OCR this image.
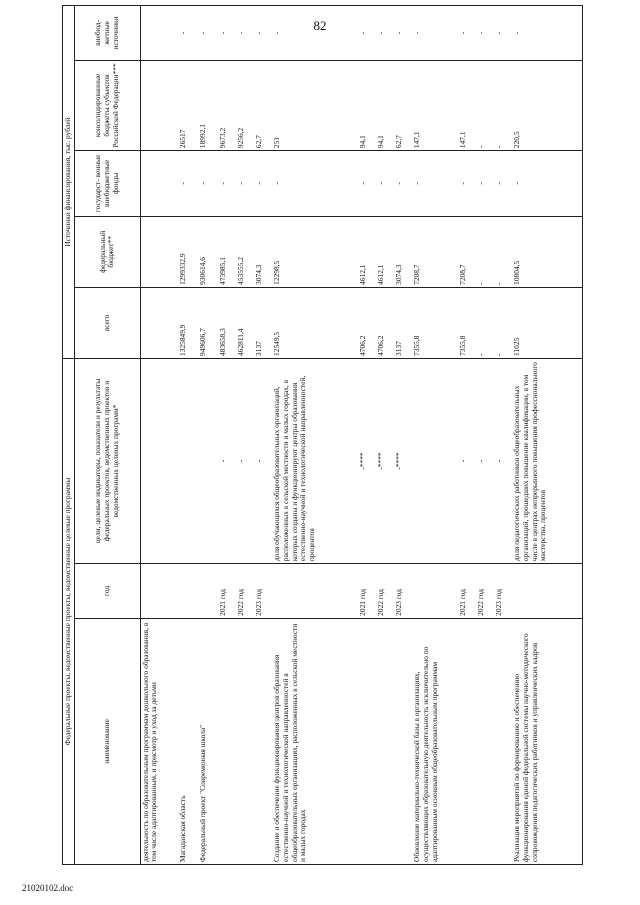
82
Федеральные проекты, ведомственные проекты, ведомственные целевые программы			Источники финансирования, тыс. рублей				
наименование	год	цели, целевые индикаторы, показатели и результаты федеральных проектов, ведомственных проектов и ведомственных целевых программ*	всего	федеральный бюджет**	государст- венные внебюджетные фонды	консолидированные бюджеты субъектов Российской Федерации***	внебюд- жетные источники
деятельность по образовательным программам дошкольного образования, в том числе адаптированным, и присмотр и уход за детьми							
Магаданская область			1325849,9	1299332,9	-	26517	-
Федеральный проект "Современная школа"			949606,7	930614,6	-	18992,1	-
	2021 год	-	483658,3	473985,1	-	9673,2	-
	2022 год	-	462811,4	453555,2	-	9256,2	-
	2023 год	-	3137	3074,3	-	62,7	-
Создание и обеспечение функционирования центров образования естественно-научной и технологической направленностей в общеобразовательных организациях, расположенных в сельской местности и малых городах		доля обучающихся общеобразовательных организаций, расположенных в сельской местности и малых городах, в которых созданы и функционируют центры образования естественно-научной и технологической направленностей, процентов	12549,5	12298,5	-	251	-
	2021 год	-****	4706,2	4612,1	-	94,1	-
	2022 год	-****	4706,2	4612,1	-	94,1	-
	2023 год	-****	3137	3074,3	-	62,7	-
Обновление материально-технической базы в организациях, осуществляющих образовательную деятельность исключительно по адаптированным основным общеобразовательным программам			7355,8	7208,7	-	147,1	-
	2021 год	-	7355,8	7208,7	-	147,1	-
	2022 год	-	-	-	-	-	-
	2023 год	-	-	-	-	-	-
Реализация мероприятий по формированию и обеспечению функционирования единой федеральной системы научно-методического сопровождения педагогических работников и управленческих кадров		доля педагогических работников общеобразовательных организаций, прошедших повышение квалификации, в том числе в центрах непрерывного повышения профессионального мастерства, процентов	11025	10804,5	-	220,5	-
21020102.doc
